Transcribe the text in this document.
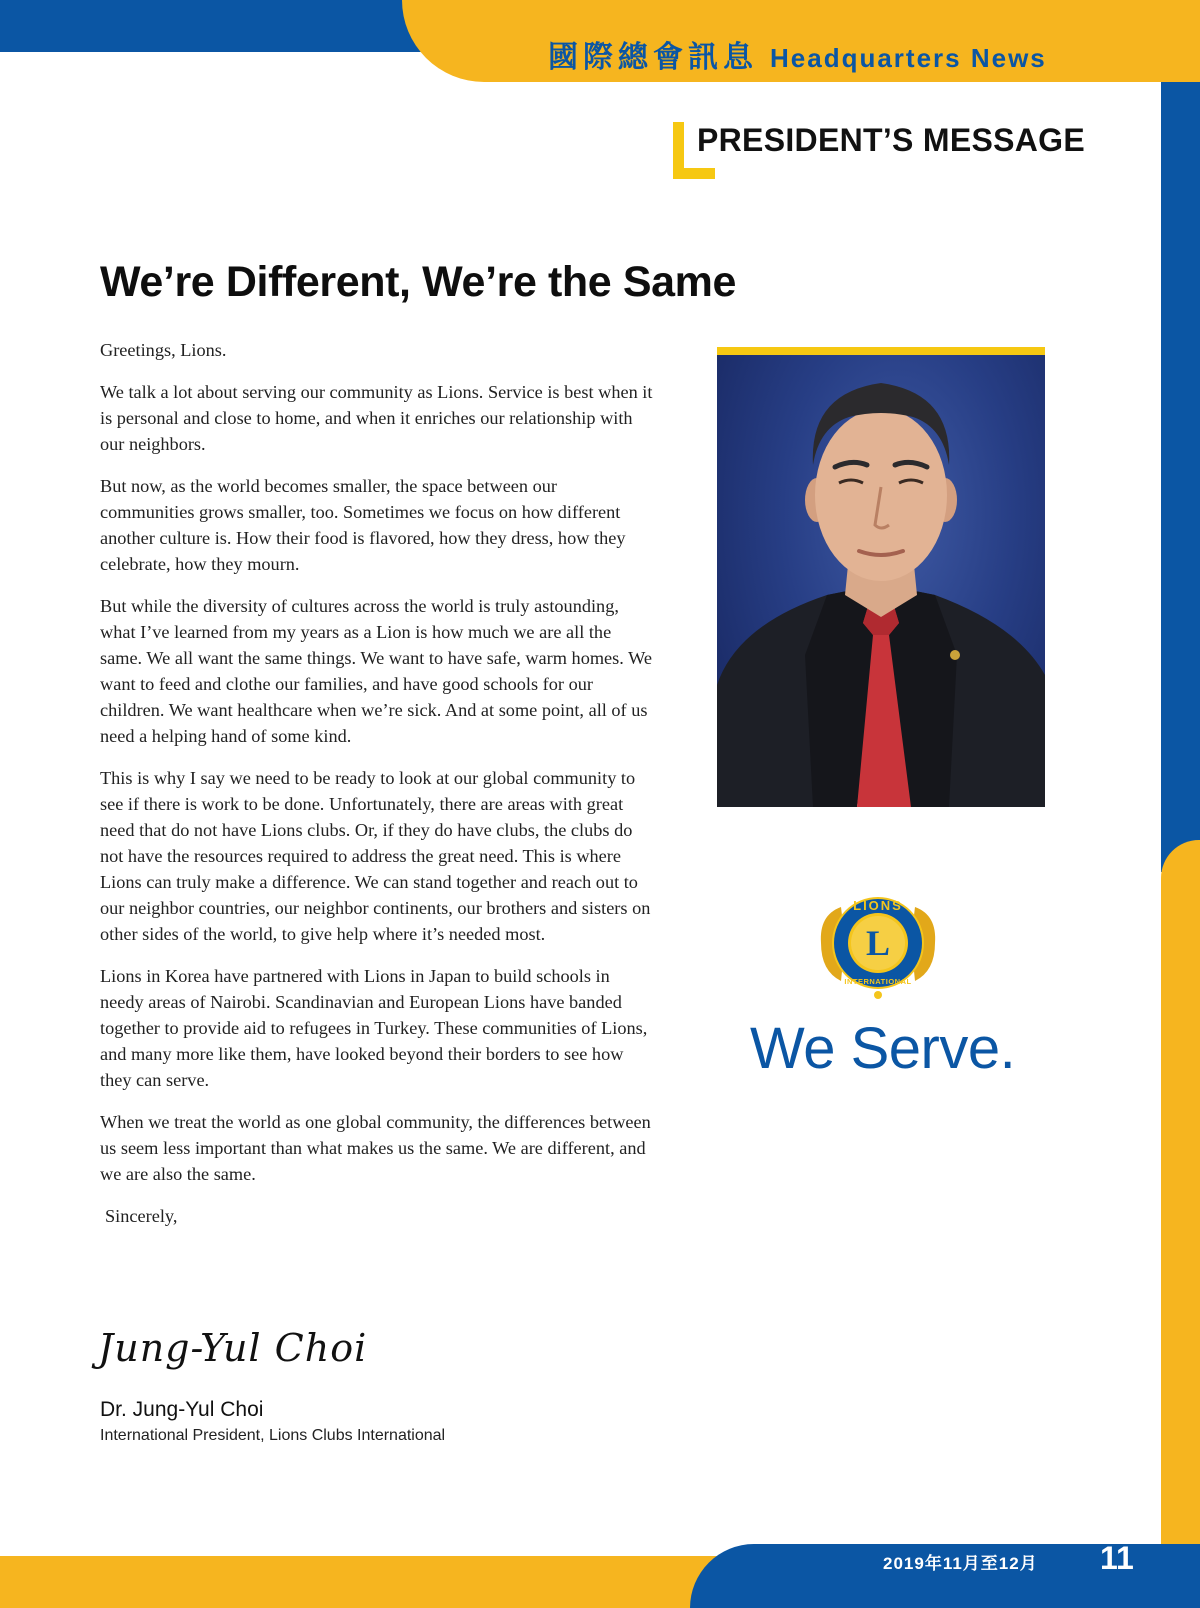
國際總會訊息 Headquarters News
PRESIDENT’S MESSAGE
We’re Different, We’re the Same

Greetings, Lions.

We talk a lot about serving our community as Lions. Service is best when it is personal and close to home, and when it enriches our relationship with our neighbors.

But now, as the world becomes smaller, the space between our communities grows smaller, too. Sometimes we focus on how different another culture is. How their food is flavored, how they dress, how they celebrate, how they mourn.

But while the diversity of cultures across the world is truly astounding, what I’ve learned from my years as a Lion is how much we are all the same. We all want the same things. We want to have safe, warm homes. We want to feed and clothe our families, and have good schools for our children. We want healthcare when we’re sick. And at some point, all of us need a helping hand of some kind.

This is why I say we need to be ready to look at our global community to see if there is work to be done. Unfortunately, there are areas with great need that do not have Lions clubs. Or, if they do have clubs, the clubs do not have the resources required to address the great need. This is where Lions can truly make a difference. We can stand together and reach out to our neighbor countries, our neighbor continents, our brothers and sisters on other sides of the world, to give help where it’s needed most.

Lions in Korea have partnered with Lions in Japan to build schools in needy areas of Nairobi. Scandinavian and European Lions have banded together to provide aid to refugees in Turkey. These communities of Lions, and many more like them, have looked beyond their borders to see how they can serve.

When we treat the world as one global community, the differences between us seem less important than what makes us the same. We are different, and we are also the same.

Sincerely,

Jung-Yul Choi
Dr. Jung-Yul Choi
International President, Lions Clubs International
L
LIONS
INTERNATIONAL
We Serve.
2019年11月至12月 11
